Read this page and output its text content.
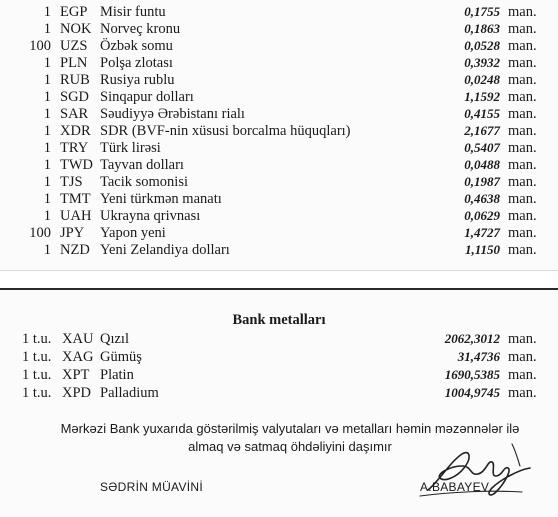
1 EGP Misir funtu	0,1755 man.
1 NOK Norveç kronu	0,1863 man.
100 UZS Özbək somu	0,0528 man.
1 PLN Polşa zlotası	0,3932 man.
1 RUB Rusiya rublu	0,0248 man.
1 SGD Sinqapur dolları	1,1592 man.
1 SAR Səudiyyə Ərəbistanı rialı	0,4155 man.
1 XDR SDR (BVF-nin xüsusi borcalma hüquqları)	2,1677 man.
1 TRY Türk lirəsi	0,5407 man.
1 TWD Tayvan dolları	0,0488 man.
1 TJS Tacik somonisi	0,1987 man.
1 TMT Yeni türkmən manatı	0,4638 man.
1 UAH Ukrayna qrivnası	0,0629 man.
100 JPY Yapon yeni	1,4727 man.
1 NZD Yeni Zelandiya dolları	1,1150 man.
Bank metalları
1 t.u. XAU Qızıl	2062,3012 man.
1 t.u. XAG Gümüş	31,4736 man.
1 t.u. XPT Platin	1690,5385 man.
1 t.u. XPD Palladium	1004,9745 man.
Mərkəzi Bank yuxarıda göstərilmiş valyutaları və metalları həmin məzənnələr ilə
almaq və satmaq öhdəliyini daşımır
SƏDRİN MÜAVİNİ	A.BABAYEV
